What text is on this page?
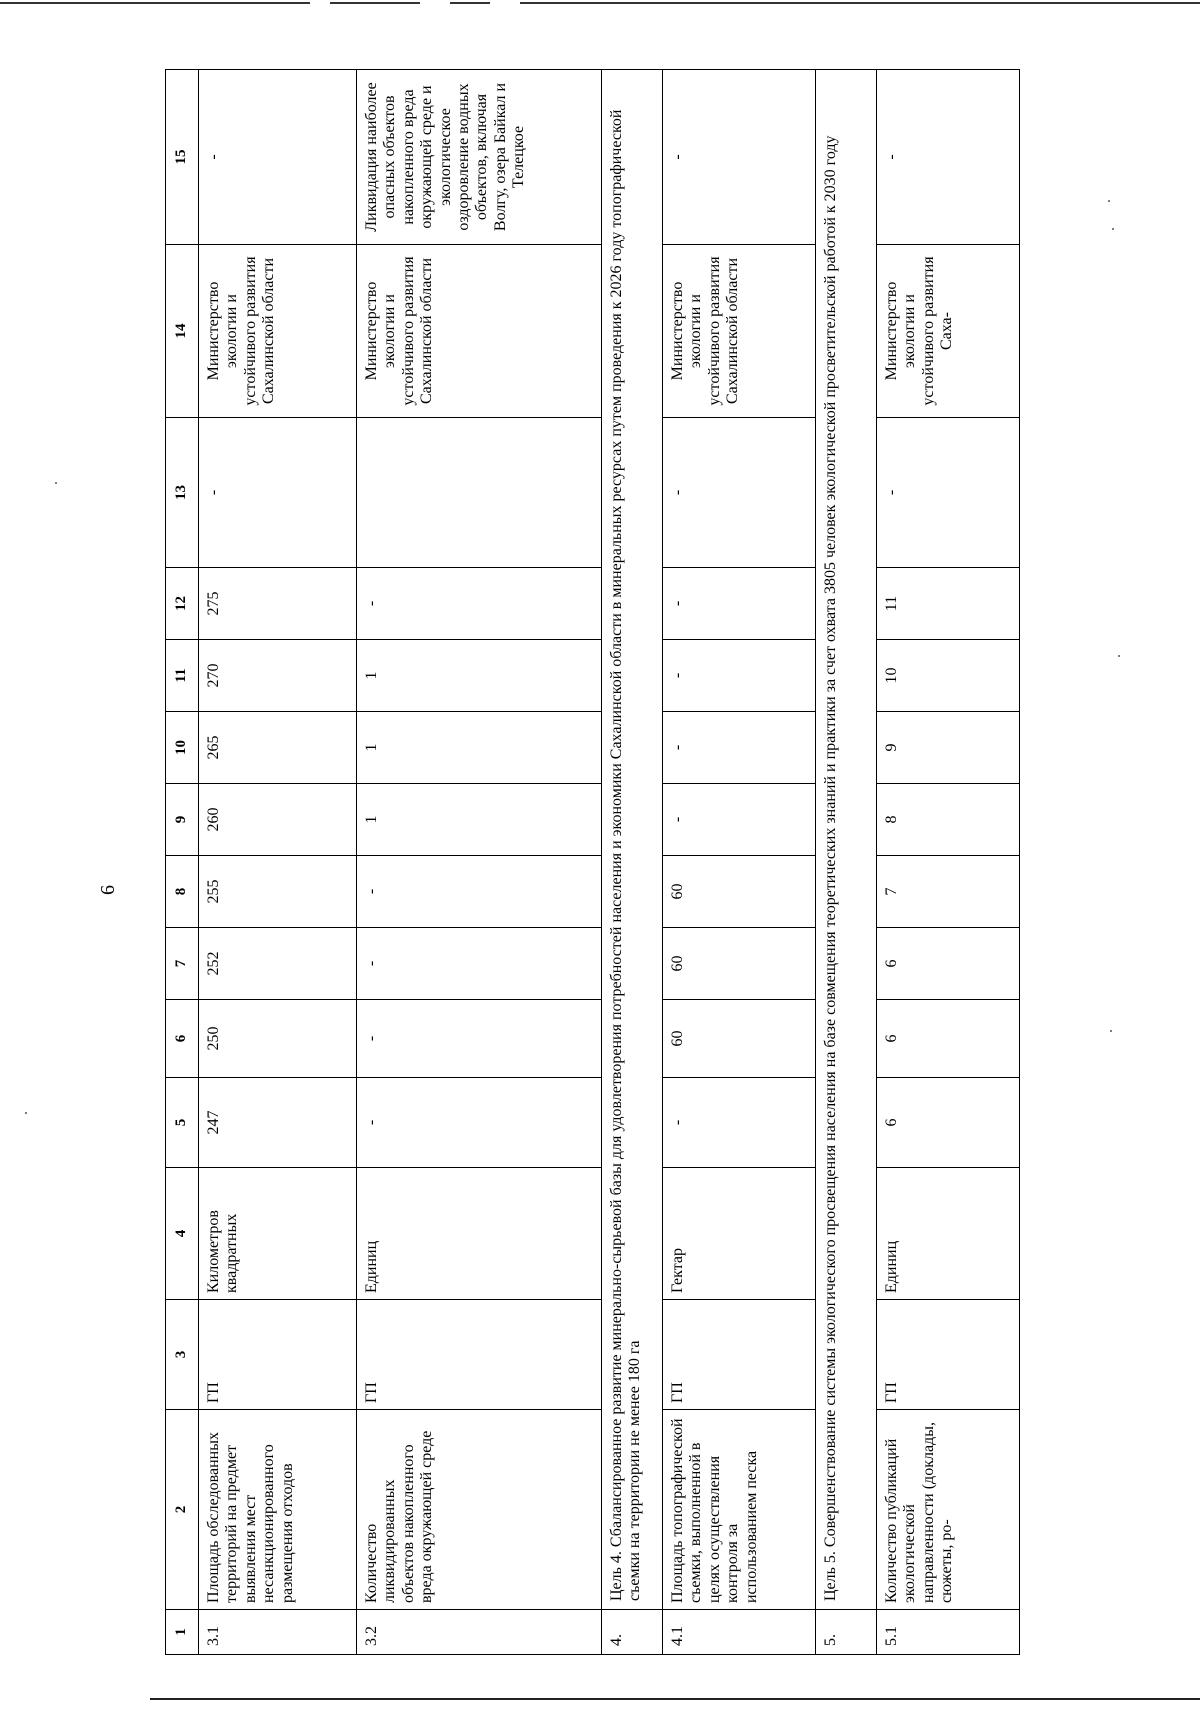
6
1	2	3	4	5	6	7	8	9	10	11	12	13	14	15
3.1	Площадь обследованных территорий на предмет выявления мест несанкционированного размещения отходов	ГП	Километров квадратных	247	250	252	255	260	265	270	275	-	Министерство экологии и устойчивого развития Сахалинской области	-
3.2	Количество ликвидированных объектов накопленного вреда окружающей среде	ГП	Единиц	-	-	-	-	1	1	1	-		Министерство экологии и устойчивого развития Сахалинской области	Ликвидация наиболее опасных объектов накопленного вреда окружающей среде и экологическое оздоровление водных объектов, включая Волгу, озера Байкал и Телецкое
4.	Цель 4. Сбалансированное развитие минерально-сырьевой базы для удовлетворения потребностей населения и экономики Сахалинской области в минеральных ресурсах путем проведения к 2026 году топографической съемки на территории не менее 180 га													
4.1	Площадь топографической съемки, выполненной в целях осуществления контроля за использованием песка	ГП	Гектар	-	60	60	60	-	-	-	-	-	Министерство экологии и устойчивого развития Сахалинской области	-
5.	Цель 5. Совершенствование системы экологического просвещения населения на базе совмещения теоретических знаний и практики за счет охвата 3805 человек экологической просветительской работой к 2030 году													
5.1	Количество публикаций экологической направленности (доклады, сюжеты, ро-	ГП	Единиц	6	6	6	7	8	9	10	11	-	Министерство экологии и устойчивого развития Саха-	-
